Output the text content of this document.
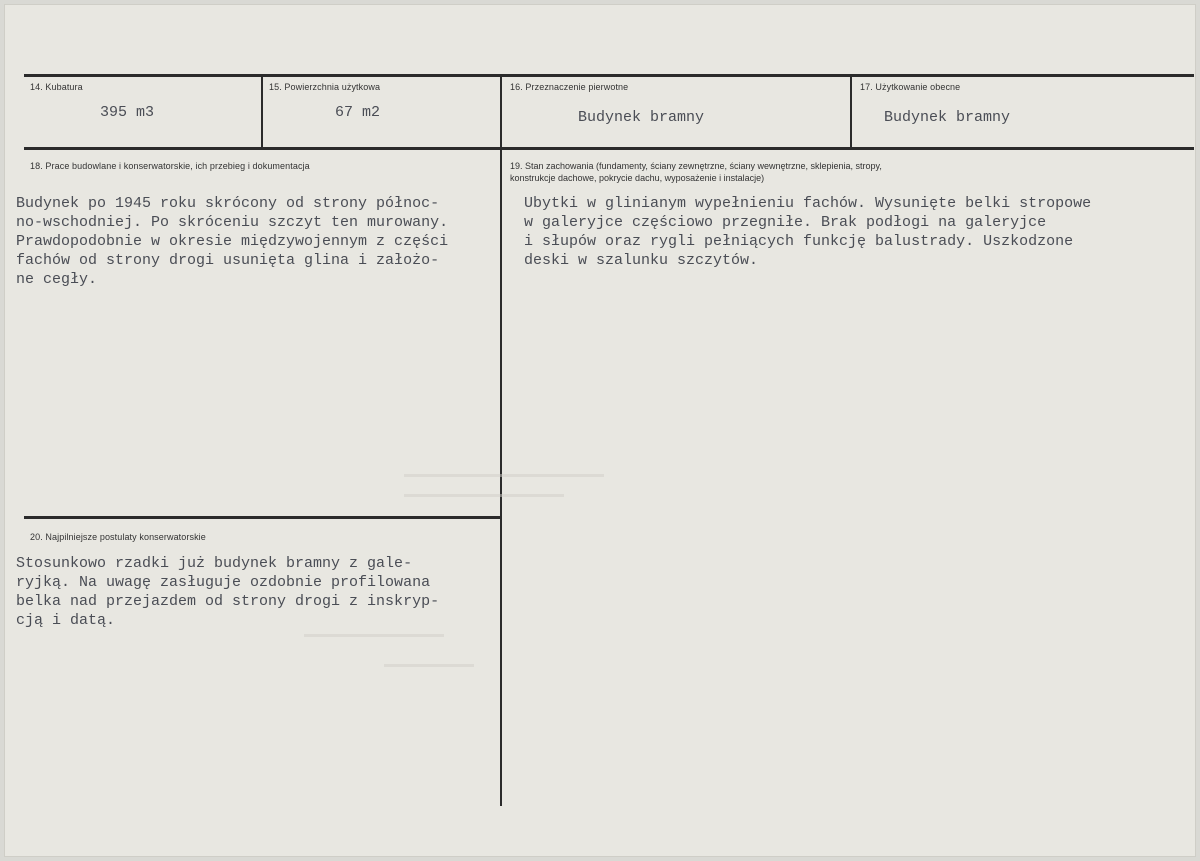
14. Kubatura
395 m3
15. Powierzchnia użytkowa
67 m2
16. Przeznaczenie pierwotne
Budynek bramny
17. Użytkowanie obecne
Budynek bramny
18. Prace budowlane i konserwatorskie, ich przebieg i dokumentacja
Budynek po 1945 roku skrócony od strony północ-
no-wschodniej. Po skróceniu szczyt ten murowany.
Prawdopodobnie w okresie międzywojennym z części
fachów od strony drogi usunięta glina i założo-
ne cegły.
19. Stan zachowania (fundamenty, ściany zewnętrzne, ściany wewnętrzne, sklepienia, stropy,
konstrukcje dachowe, pokrycie dachu, wyposażenie i instalacje)
Ubytki w glinianym wypełnieniu fachów. Wysunięte belki stropowe
w galeryjce częściowo przegniłe. Brak podłogi na galeryjce
i słupów oraz rygli pełniących funkcję balustrady. Uszkodzone
deski w szalunku szczytów.
20. Najpilniejsze postulaty konserwatorskie
Stosunkowo rzadki już budynek bramny z gale-
ryjką. Na uwagę zasługuje ozdobnie profilowana
belka nad przejazdem od strony drogi z inskryp-
cją i datą.
